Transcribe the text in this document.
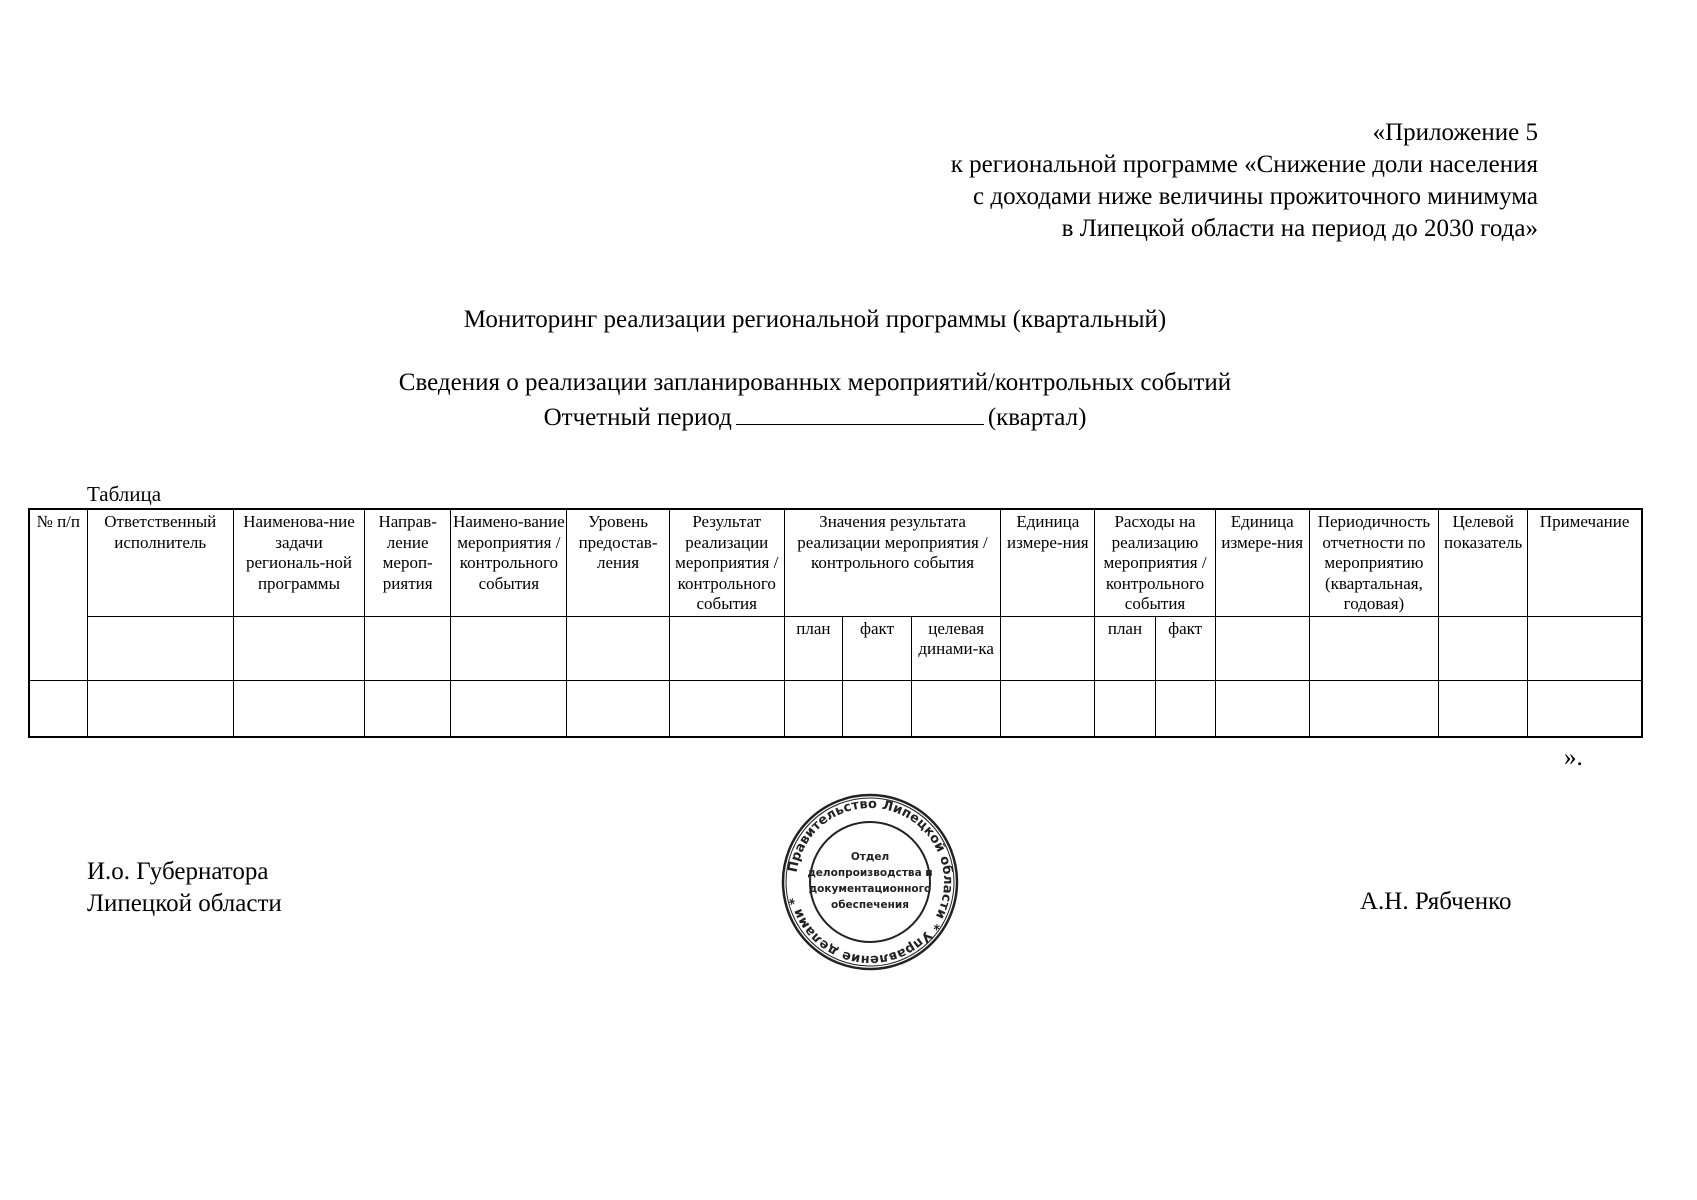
«Приложение 5
к региональной программе «Снижение доли населения
с доходами ниже величины прожиточного минимума
в Липецкой области на период до 2030 года»
Мониторинг реализации региональной программы (квартальный)
Сведения о реализации запланированных мероприятий/контрольных событий
Отчетный период	(квартал)
Таблица
№ п/п	Ответственный исполнитель	Наименова-ние задачи региональ-ной программы	Направ-ление мероп-риятия	Наимено-вание мероприятия / контрольного события	Уровень предостав-ления	Результат реализации мероприятия / контрольного события	Значения результата реализации мероприятия / контрольного события			Единица измере-ния	Расходы на реализацию мероприятия / контрольного события		Единица измере-ния	Периодичность отчетности по мероприятию (квартальная, годовая)	Целевой показатель	Примечание
							план	факт	целевая динами-ка		план	факт				

».
И.о. Губернатора
Липецкой области	А.Н. Рябченко
Правительство Липецкой области * Управление делами *
Отдел
делопроизводства и
документационного
обеспечения
